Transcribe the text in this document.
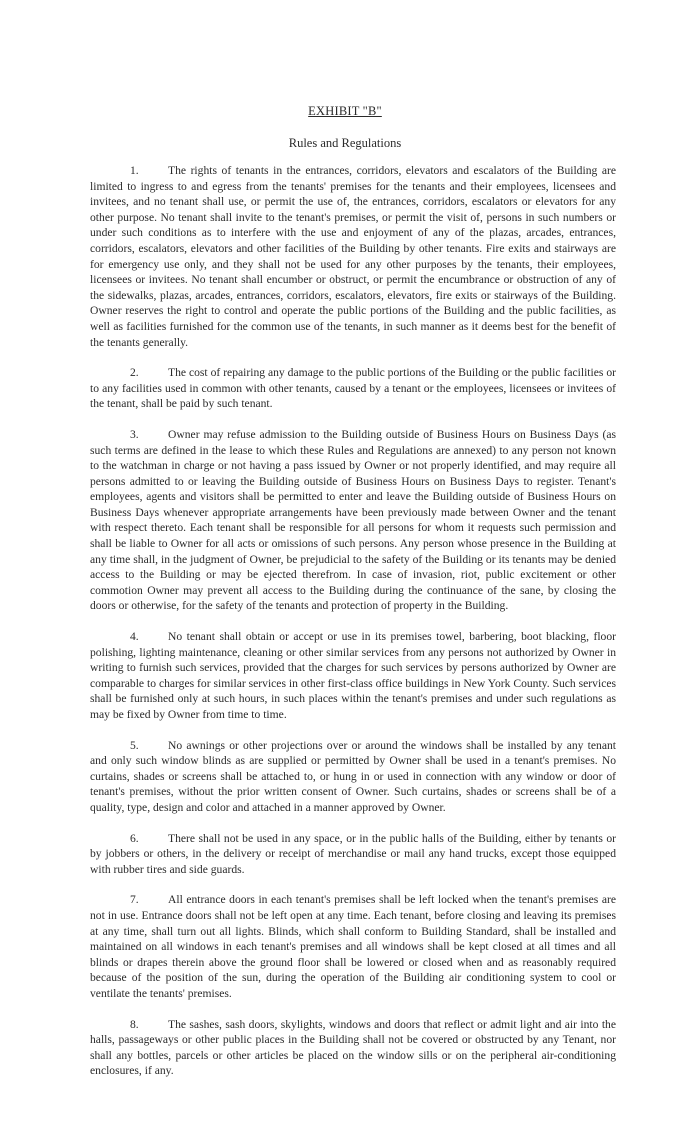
EXHIBIT "B"
Rules and Regulations

1.	The rights of tenants in the entrances, corridors, elevators and escalators of the Building are limited to ingress to and egress from the tenants' premises for the tenants and their employees, licensees and invitees, and no tenant shall use, or permit the use of, the entrances, corridors, escalators or elevators for any other purpose. No tenant shall invite to the tenant's premises, or permit the visit of, persons in such numbers or under such conditions as to interfere with the use and enjoyment of any of the plazas, arcades, entrances, corridors, escalators, elevators and other facilities of the Building by other tenants. Fire exits and stairways are for emergency use only, and they shall not be used for any other purposes by the tenants, their employees, licensees or invitees. No tenant shall encumber or obstruct, or permit the encumbrance or obstruction of any of the sidewalks, plazas, arcades, entrances, corridors, escalators, elevators, fire exits or stairways of the Building. Owner reserves the right to control and operate the public portions of the Building and the public facilities, as well as facilities furnished for the common use of the tenants, in such manner as it deems best for the benefit of the tenants generally.

2.	The cost of repairing any damage to the public portions of the Building or the public facilities or to any facilities used in common with other tenants, caused by a tenant or the employees, licensees or invitees of the tenant, shall be paid by such tenant.

3.	Owner may refuse admission to the Building outside of Business Hours on Business Days (as such terms are defined in the lease to which these Rules and Regulations are annexed) to any person not known to the watchman in charge or not having a pass issued by Owner or not properly identified, and may require all persons admitted to or leaving the Building outside of Business Hours on Business Days to register. Tenant's employees, agents and visitors shall be permitted to enter and leave the Building outside of Business Hours on Business Days whenever appropriate arrangements have been previously made between Owner and the tenant with respect thereto. Each tenant shall be responsible for all persons for whom it requests such permission and shall be liable to Owner for all acts or omissions of such persons. Any person whose presence in the Building at any time shall, in the judgment of Owner, be prejudicial to the safety of the Building or its tenants may be denied access to the Building or may be ejected therefrom. In case of invasion, riot, public excitement or other commotion Owner may prevent all access to the Building during the continuance of the sane, by closing the doors or otherwise, for the safety of the tenants and protection of property in the Building.

4.	No tenant shall obtain or accept or use in its premises towel, barbering, boot blacking, floor polishing, lighting maintenance, cleaning or other similar services from any persons not authorized by Owner in writing to furnish such services, provided that the charges for such services by persons authorized by Owner are comparable to charges for similar services in other first-class office buildings in New York County. Such services shall be furnished only at such hours, in such places within the tenant's premises and under such regulations as may be fixed by Owner from time to time.

5.	No awnings or other projections over or around the windows shall be installed by any tenant and only such window blinds as are supplied or permitted by Owner shall be used in a tenant's premises. No curtains, shades or screens shall be attached to, or hung in or used in connection with any window or door of tenant's premises, without the prior written consent of Owner. Such curtains, shades or screens shall be of a quality, type, design and color and attached in a manner approved by Owner.

6.	There shall not be used in any space, or in the public halls of the Building, either by tenants or by jobbers or others, in the delivery or receipt of merchandise or mail any hand trucks, except those equipped with rubber tires and side guards.

7.	All entrance doors in each tenant's premises shall be left locked when the tenant's premises are not in use. Entrance doors shall not be left open at any time. Each tenant, before closing and leaving its premises at any time, shall turn out all lights. Blinds, which shall conform to Building Standard, shall be installed and maintained on all windows in each tenant's premises and all windows shall be kept closed at all times and all blinds or drapes therein above the ground floor shall be lowered or closed when and as reasonably required because of the position of the sun, during the operation of the Building air conditioning system to cool or ventilate the tenants' premises.

8.	The sashes, sash doors, skylights, windows and doors that reflect or admit light and air into the halls, passageways or other public places in the Building shall not be covered or obstructed by any Tenant, nor shall any bottles, parcels or other articles be placed on the window sills or on the peripheral air-conditioning enclosures, if any.
